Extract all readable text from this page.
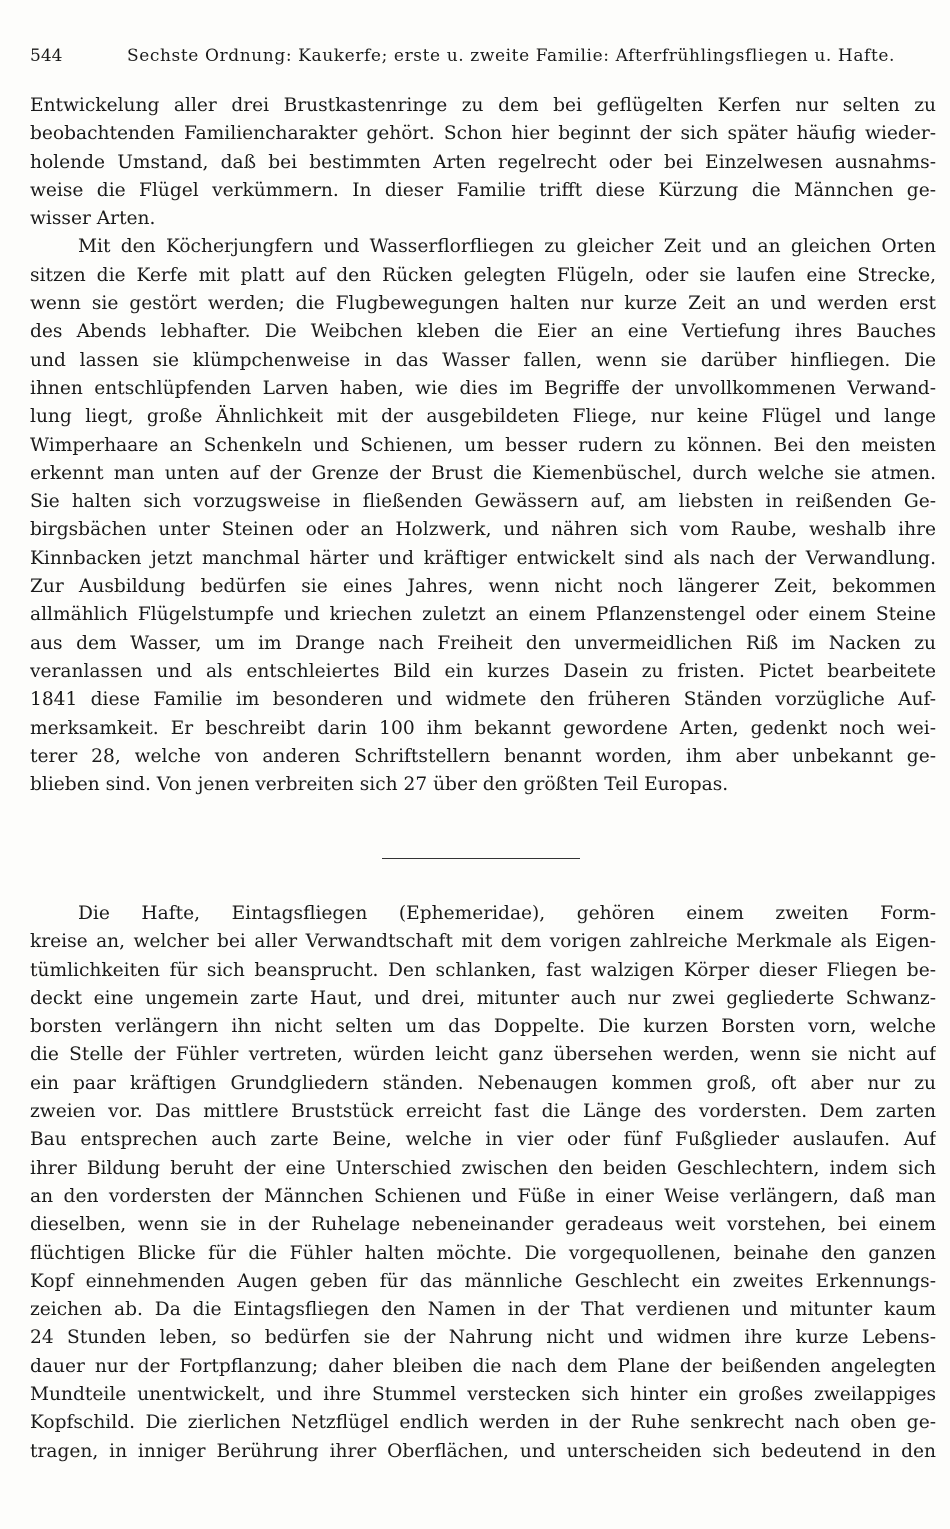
544	Sechste Ordnung: Kaukerfe; erste u. zweite Familie: Afterfrühlingsfliegen u. Hafte.
Entwickelung aller drei Brustkastenringe zu dem bei geflügelten Kerfen nur selten zu
beobachtenden Familiencharakter gehört. Schon hier beginnt der sich später häufig wieder-
holende Umstand, daß bei bestimmten Arten regelrecht oder bei Einzelwesen ausnahms-
weise die Flügel verkümmern. In dieser Familie trifft diese Kürzung die Männchen ge-
wisser Arten.
Mit den Köcherjungfern und Wasserflorfliegen zu gleicher Zeit und an gleichen Orten
sitzen die Kerfe mit platt auf den Rücken gelegten Flügeln, oder sie laufen eine Strecke,
wenn sie gestört werden; die Flugbewegungen halten nur kurze Zeit an und werden erst
des Abends lebhafter. Die Weibchen kleben die Eier an eine Vertiefung ihres Bauches
und lassen sie klümpchenweise in das Wasser fallen, wenn sie darüber hinfliegen. Die
ihnen entschlüpfenden Larven haben, wie dies im Begriffe der unvollkommenen Verwand-
lung liegt, große Ähnlichkeit mit der ausgebildeten Fliege, nur keine Flügel und lange
Wimperhaare an Schenkeln und Schienen, um besser rudern zu können. Bei den meisten
erkennt man unten auf der Grenze der Brust die Kiemenbüschel, durch welche sie atmen.
Sie halten sich vorzugsweise in fließenden Gewässern auf, am liebsten in reißenden Ge-
birgsbächen unter Steinen oder an Holzwerk, und nähren sich vom Raube, weshalb ihre
Kinnbacken jetzt manchmal härter und kräftiger entwickelt sind als nach der Verwandlung.
Zur Ausbildung bedürfen sie eines Jahres, wenn nicht noch längerer Zeit, bekommen
allmählich Flügelstumpfe und kriechen zuletzt an einem Pflanzenstengel oder einem Steine
aus dem Wasser, um im Drange nach Freiheit den unvermeidlichen Riß im Nacken zu
veranlassen und als entschleiertes Bild ein kurzes Dasein zu fristen. Pictet bearbeitete
1841 diese Familie im besonderen und widmete den früheren Ständen vorzügliche Auf-
merksamkeit. Er beschreibt darin 100 ihm bekannt gewordene Arten, gedenkt noch wei-
terer 28, welche von anderen Schriftstellern benannt worden, ihm aber unbekannt ge-
blieben sind. Von jenen verbreiten sich 27 über den größten Teil Europas.
Die Hafte, Eintagsfliegen (Ephemeridae), gehören einem zweiten Form-
kreise an, welcher bei aller Verwandtschaft mit dem vorigen zahlreiche Merkmale als Eigen-
tümlichkeiten für sich beansprucht. Den schlanken, fast walzigen Körper dieser Fliegen be-
deckt eine ungemein zarte Haut, und drei, mitunter auch nur zwei gegliederte Schwanz-
borsten verlängern ihn nicht selten um das Doppelte. Die kurzen Borsten vorn, welche
die Stelle der Fühler vertreten, würden leicht ganz übersehen werden, wenn sie nicht auf
ein paar kräftigen Grundgliedern ständen. Nebenaugen kommen groß, oft aber nur zu
zweien vor. Das mittlere Bruststück erreicht fast die Länge des vordersten. Dem zarten
Bau entsprechen auch zarte Beine, welche in vier oder fünf Fußglieder auslaufen. Auf
ihrer Bildung beruht der eine Unterschied zwischen den beiden Geschlechtern, indem sich
an den vordersten der Männchen Schienen und Füße in einer Weise verlängern, daß man
dieselben, wenn sie in der Ruhelage nebeneinander geradeaus weit vorstehen, bei einem
flüchtigen Blicke für die Fühler halten möchte. Die vorgequollenen, beinahe den ganzen
Kopf einnehmenden Augen geben für das männliche Geschlecht ein zweites Erkennungs-
zeichen ab. Da die Eintagsfliegen den Namen in der That verdienen und mitunter kaum
24 Stunden leben, so bedürfen sie der Nahrung nicht und widmen ihre kurze Lebens-
dauer nur der Fortpflanzung; daher bleiben die nach dem Plane der beißenden angelegten
Mundteile unentwickelt, und ihre Stummel verstecken sich hinter ein großes zweilappiges
Kopfschild. Die zierlichen Netzflügel endlich werden in der Ruhe senkrecht nach oben ge-
tragen, in inniger Berührung ihrer Oberflächen, und unterscheiden sich bedeutend in den
